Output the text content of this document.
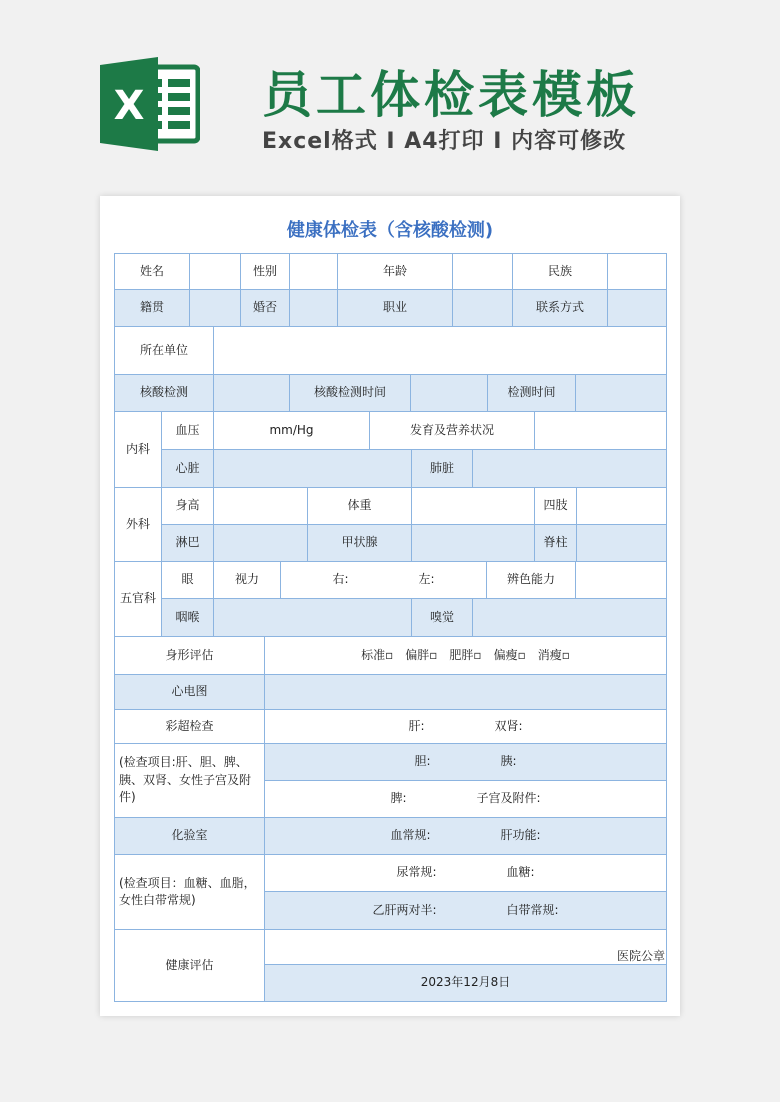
X 员工体检表模板
Excel格式 I A4打印 I 内容可修改
健康体检表（含核酸检测)
姓名	性别	年龄	民族
籍贯	婚否	职业	联系方式
所在单位
核酸检测	核酸检测时间	检测时间
内科
血压	mm/Hg	发育及营养状况
心脏	肺脏
外科
身高	体重	四肢
淋巴	甲状腺	脊柱
五官科
眼	视力	右:	左:	辨色能力
咽喉	嗅觉
身形评估	标准▫ 偏胖▫ 肥胖▫ 偏瘦▫ 消瘦▫
心电图
彩超检查
(检查项目:肝、胆、脾、胰、双肾、女性子宫及附件)
肝:	双肾:
胆:	胰:
脾:	子宫及附件:
化验室
(检查项目：血糖、血脂，女性白带常规)
血常规:	肝功能:
尿常规:	血糖:
乙肝两对半:	白带常规:
健康评估
医院公章
2023年12月8日
